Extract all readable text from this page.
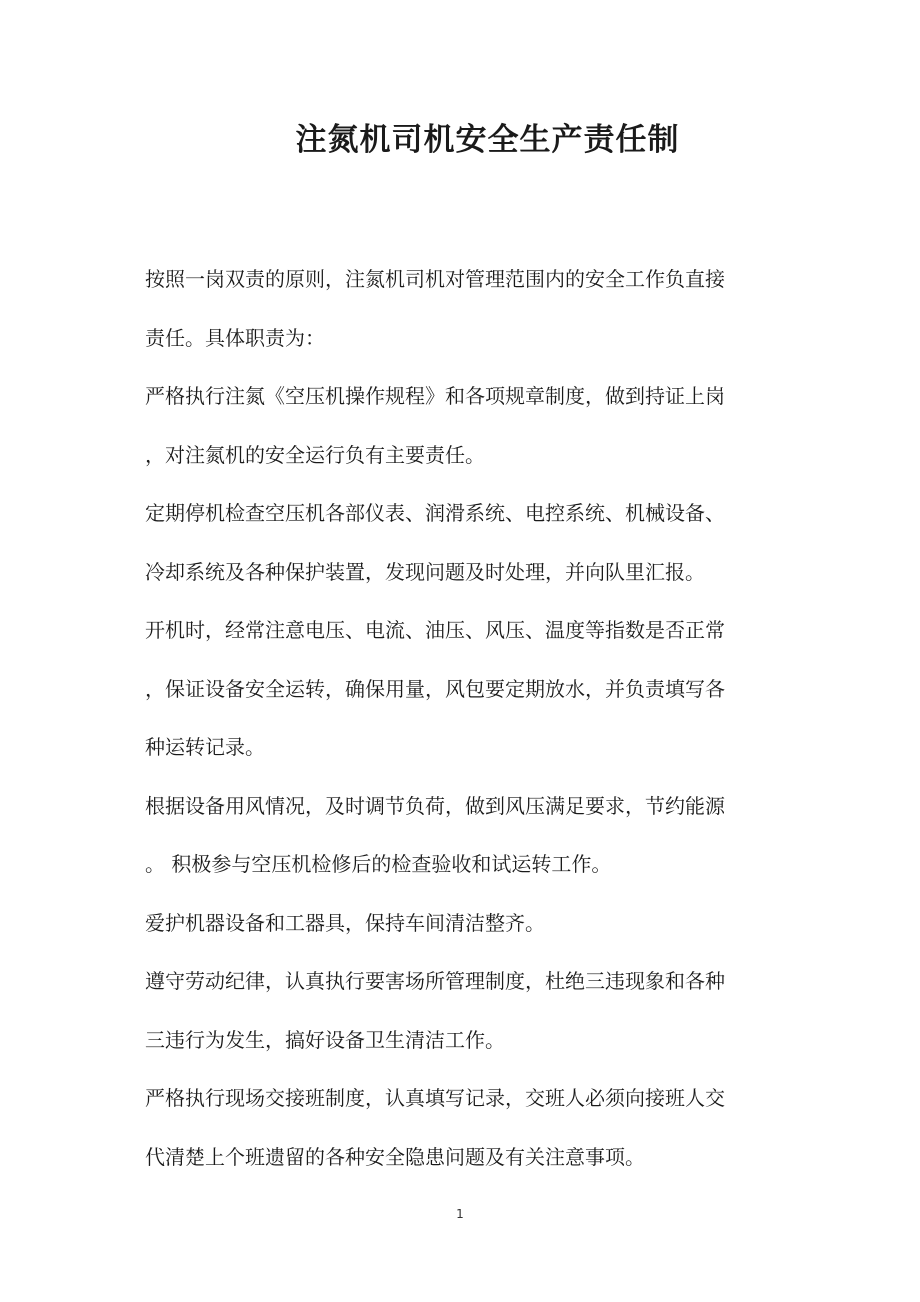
注氮机司机安全生产责任制
按照一岗双责的原则，注氮机司机对管理范围内的安全工作负直接
责任。具体职责为：
严格执行注氮《空压机操作规程》和各项规章制度，做到持证上岗
，对注氮机的安全运行负有主要责任。
定期停机检查空压机各部仪表、润滑系统、电控系统、机械设备、
冷却系统及各种保护装置，发现问题及时处理，并向队里汇报。
开机时，经常注意电压、电流、油压、风压、温度等指数是否正常
，保证设备安全运转，确保用量，风包要定期放水，并负责填写各
种运转记录。
根据设备用风情况，及时调节负荷，做到风压满足要求，节约能源
。 积极参与空压机检修后的检查验收和试运转工作。
爱护机器设备和工器具，保持车间清洁整齐。
遵守劳动纪律，认真执行要害场所管理制度，杜绝三违现象和各种
三违行为发生，搞好设备卫生清洁工作。
严格执行现场交接班制度，认真填写记录，交班人必须向接班人交
代清楚上个班遗留的各种安全隐患问题及有关注意事项。
1
